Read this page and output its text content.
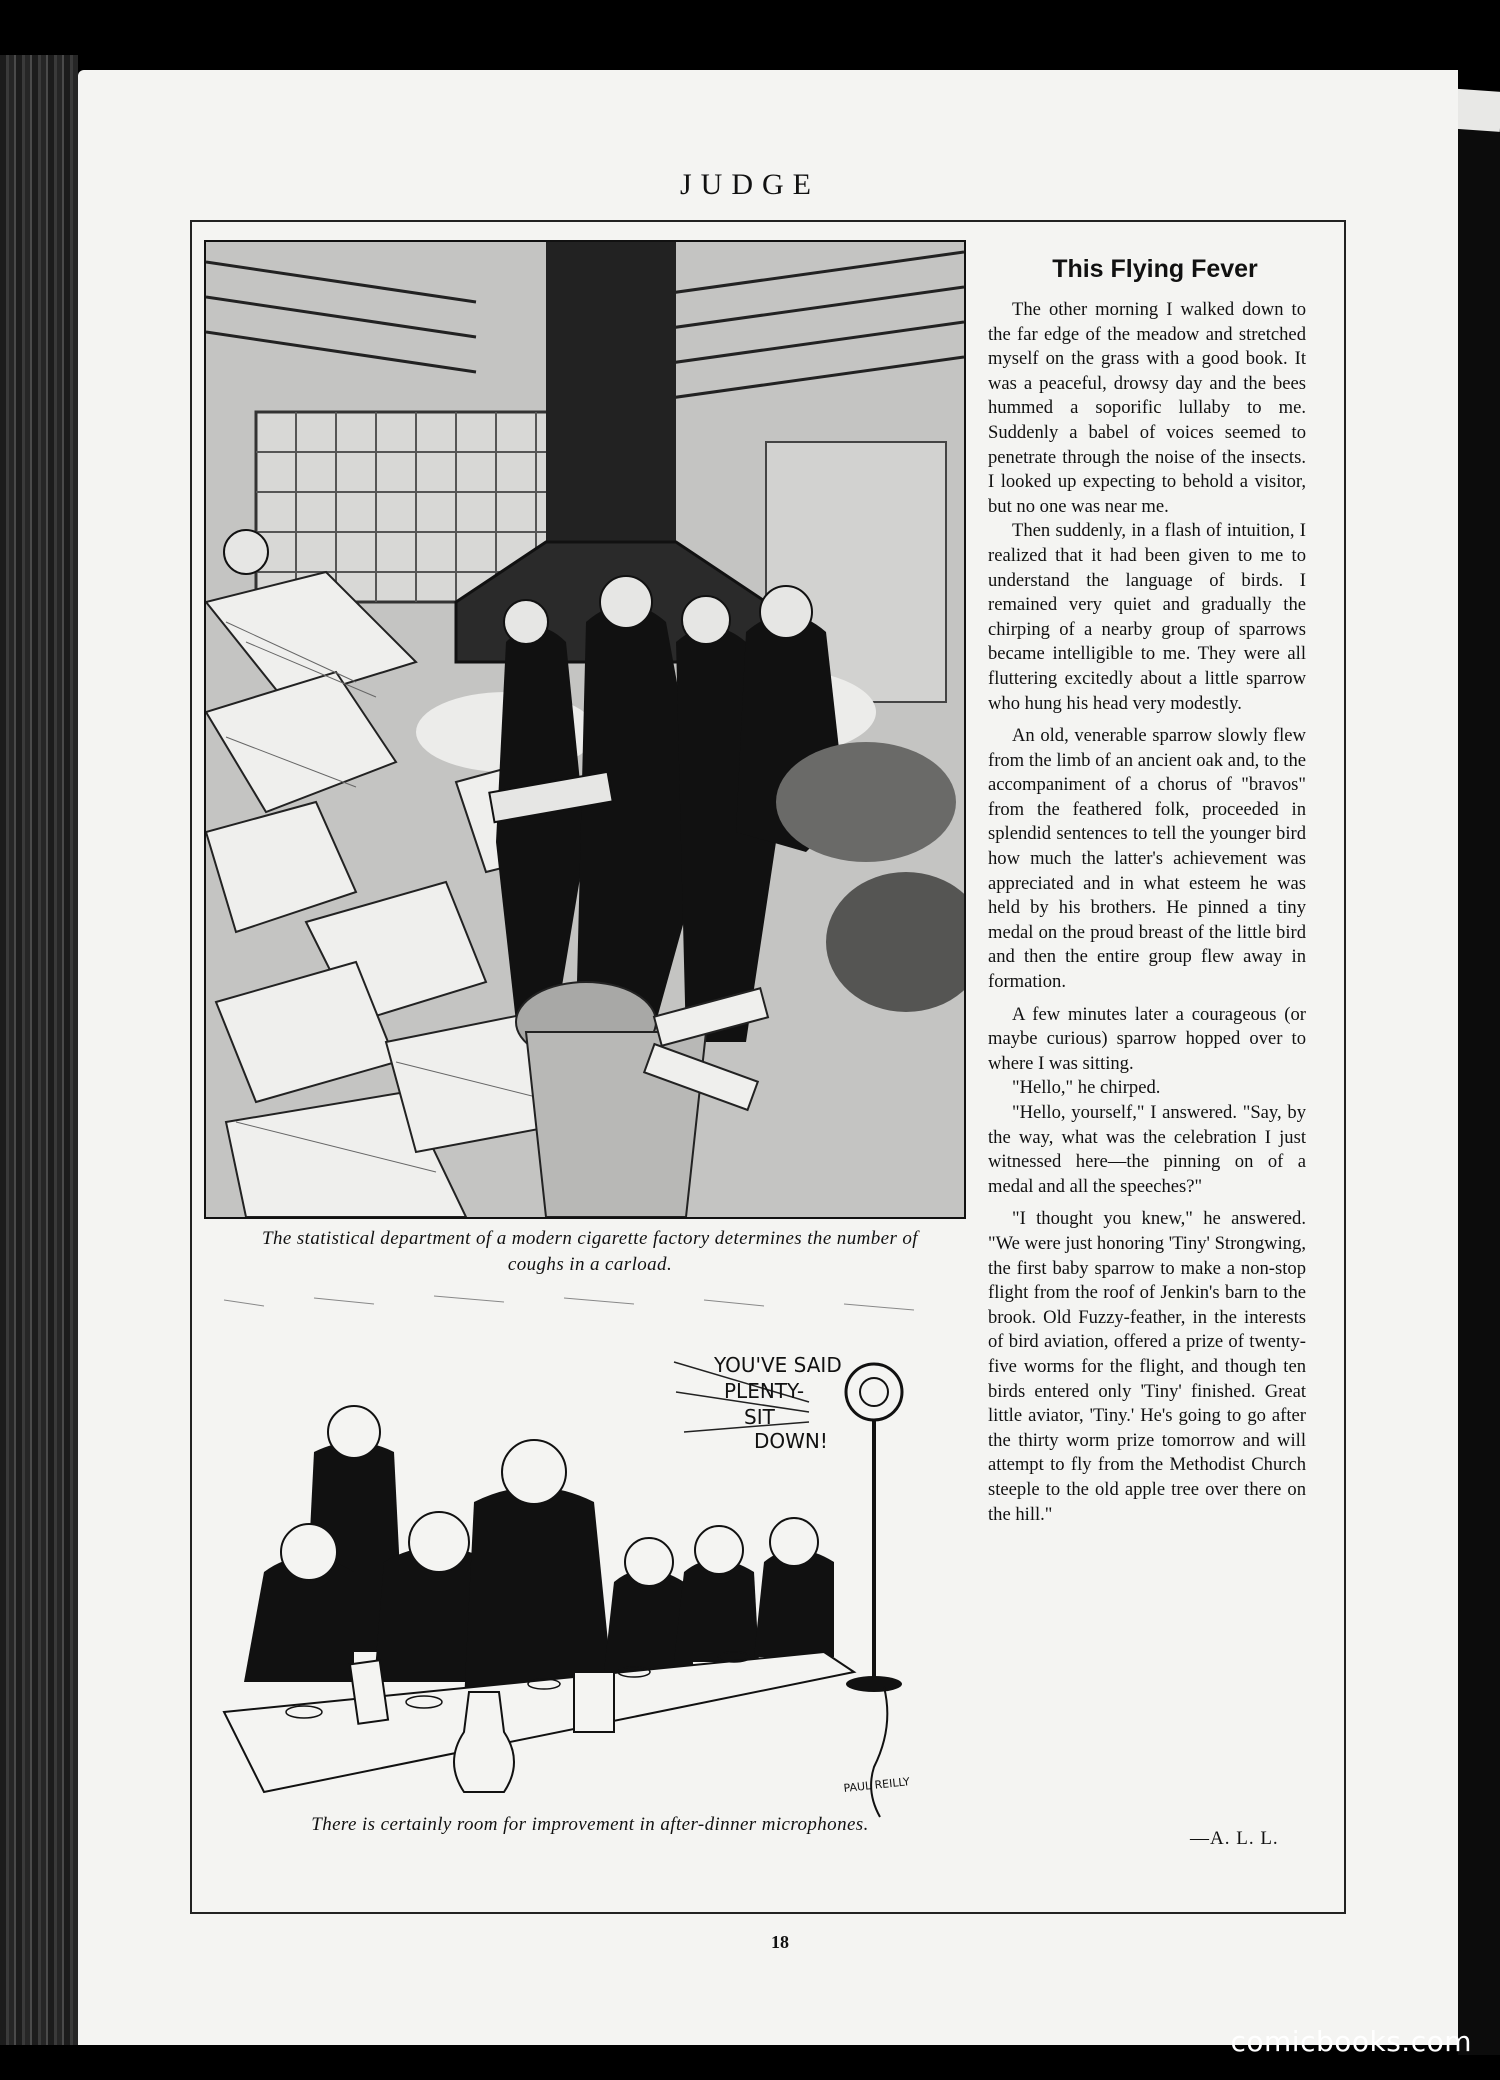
JUDGE
The statistical department of a modern cigarette factory determines the number of coughs in a carload.
YOU'VE SAID
PLENTY-
SIT
DOWN!
PAUL REILLY
There is certainly room for improvement in after-dinner microphones.
This Flying Fever

The other morning I walked down to the far edge of the meadow and stretched myself on the grass with a good book. It was a peaceful, drowsy day and the bees hummed a soporific lullaby to me. Suddenly a babel of voices seemed to penetrate through the noise of the insects. I looked up expecting to behold a visitor, but no one was near me.

Then suddenly, in a flash of intuition, I realized that it had been given to me to understand the language of birds. I remained very quiet and gradually the chirping of a nearby group of sparrows became intelligible to me. They were all fluttering excitedly about a little sparrow who hung his head very modestly.

An old, venerable sparrow slowly flew from the limb of an ancient oak and, to the accompaniment of a chorus of "bravos" from the feathered folk, proceeded in splendid sentences to tell the younger bird how much the latter's achievement was appreciated and in what esteem he was held by his brothers. He pinned a tiny medal on the proud breast of the little bird and then the entire group flew away in formation.

A few minutes later a courageous (or maybe curious) sparrow hopped over to where I was sitting.

"Hello," he chirped.

"Hello, yourself," I answered. "Say, by the way, what was the celebration I just witnessed here—the pinning on of a medal and all the speeches?"

"I thought you knew," he answered. "We were just honoring 'Tiny' Strongwing, the first baby sparrow to make a non-stop flight from the roof of Jenkin's barn to the brook. Old Fuzzy-feather, in the interests of bird aviation, offered a prize of twenty-five worms for the flight, and though ten birds entered only 'Tiny' finished. Great little aviator, 'Tiny.' He's going to go after the thirty worm prize tomorrow and will attempt to fly from the Methodist Church steeple to the old apple tree over there on the hill."

—A. L. L.
18
comicbooks.com
